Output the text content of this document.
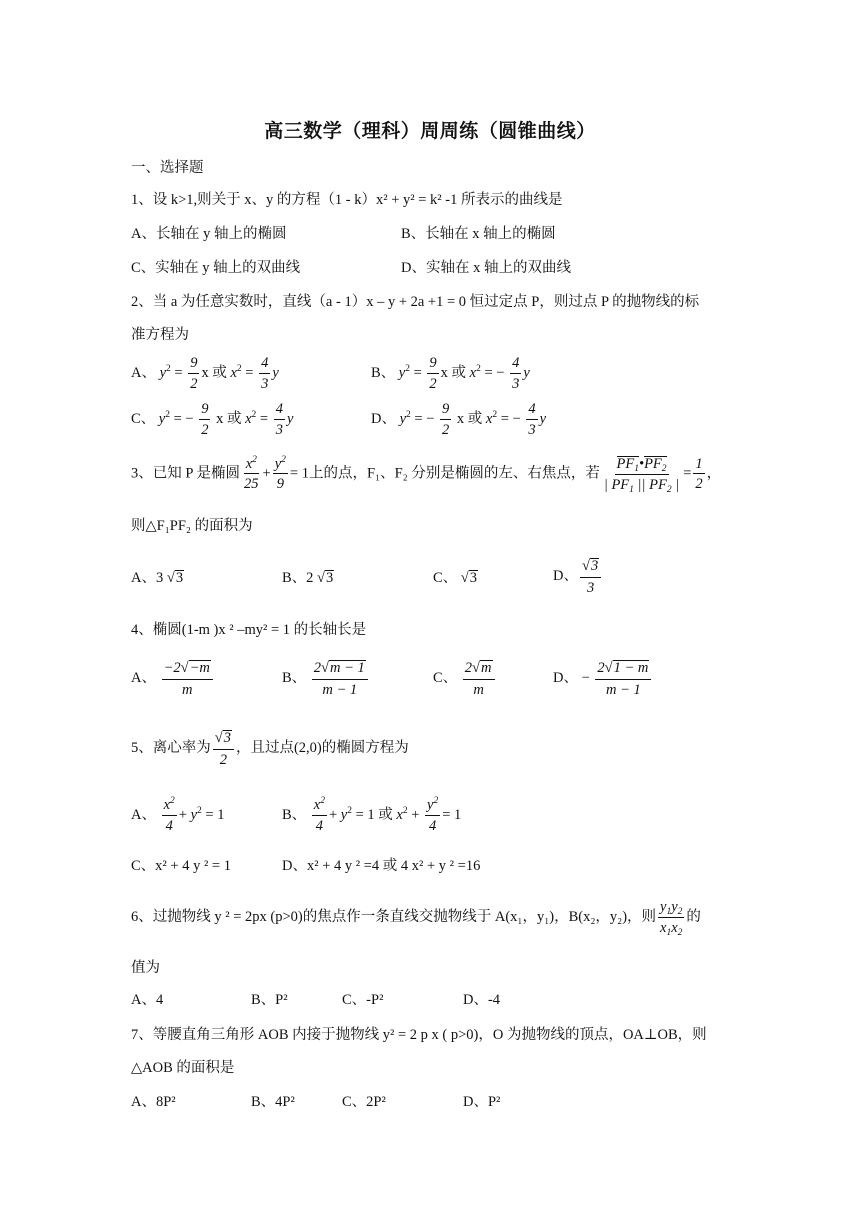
高三数学（理科）周周练（圆锥曲线）
一、选择题
1、设 k>1,则关于 x、y 的方程（1 - k）x² + y² = k² -1 所表示的曲线是
A、长轴在 y 轴上的椭圆	B、长轴在 x 轴上的椭圆
C、实轴在 y 轴上的双曲线	D、实轴在 x 轴上的双曲线
2、当 a 为任意实数时，直线（a - 1）x – y + 2a +1 = 0 恒过定点 P，则过点 P 的抛物线的标
准方程为
A、 $y^2 = \frac{9}{2}$ x 或 $x^2 = \frac{4}{3}$ y	B、 $y^2 = \frac{9}{2}$ x 或 $x^2$ = − $\frac{4}{3}$ y
C、 $y^2$ = − $\frac{9}{2}$ x 或 $x^2 = \frac{4}{3}$ y	D、 $y^2$ = − $\frac{9}{2}$ x 或 $x^2$ = − $\frac{4}{3}$ y
3、已知 P 是椭圆 $\frac{x^2}{25} + \frac{y^2}{9} = 1$上的点，F₁、F₂ 分别是椭圆的左、右焦点，若 $\frac{PF_1•PF_2}{| PF_1 || PF_2 |} = \frac{1}{2}$ ，
则△F₁PF₂ 的面积为
A、3 √3	B、2 √3	C、 √3	D、 $\frac{√3}{3}$
4、椭圆(1-m )x ² –my² = 1 的长轴长是
A、 $\frac{-2√-m}{m}$	B、 $\frac{2√m - 1}{m - 1}$	C、 $\frac{2√m}{m}$	D、 − $\frac{2√1 - m}{m - 1}$
5、离心率为 $\frac{√3}{2}$ ，且过点(2,0)的椭圆方程为
A、 $\frac{x^2}{4} + y^2 = 1$	B、 $\frac{x^2}{4} + y^2 = 1$ 或 $x^2 + \frac{y^2}{4} = 1$
C、x² + 4 y ² = 1	D、x² + 4 y ² =4 或 4 x² + y ² =16
6、过抛物线 y ² = 2px (p>0)的焦点作一条直线交抛物线于 A(x₁，y₁)，B(x₂，y₂)，则 $\frac{y_1y_2}{x_1x_2}$ 的
值为
A、4	B、P²	C、-P²	D、-4
7、等腰直角三角形 AOB 内接于抛物线 y² = 2 p x ( p>0)，O 为抛物线的顶点，OA⊥OB，则
△AOB 的面积是
A、8P²	B、4P²	C、2P²	D、P²
